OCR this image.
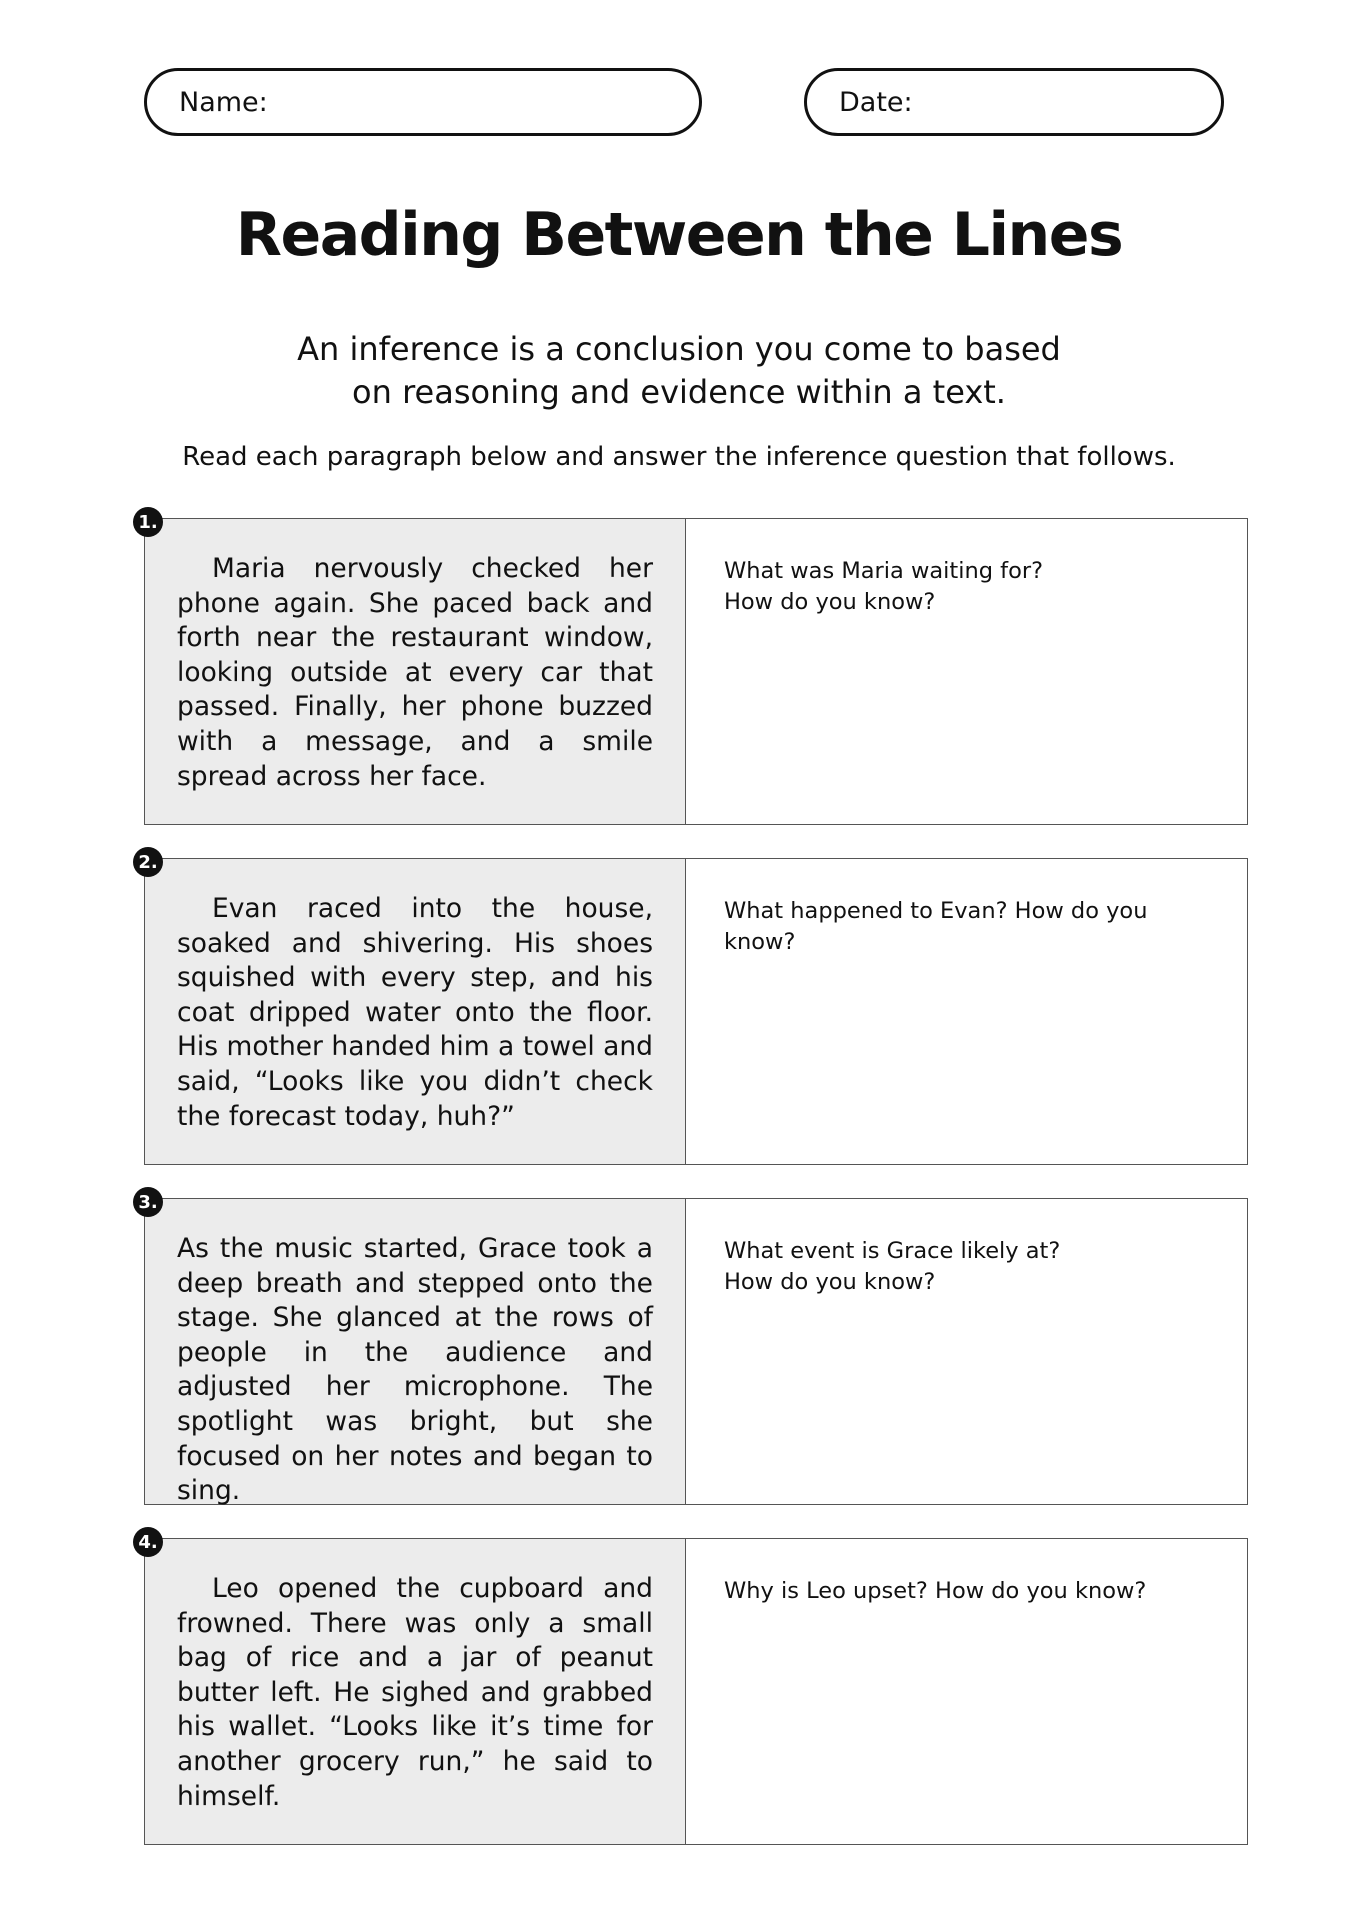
Name:	Date:
Reading Between the Lines

An inference is a conclusion you come to based
on reasoning and evidence within a text.

Read each paragraph below and answer the inference question that follows.

1.

Maria nervously checked her phone again. She paced back and forth near the restaurant window, looking outside at every car that passed. Finally, her phone buzzed with a message, and a smile spread across her face.

What was Maria waiting for?
How do you know?
2.

Evan raced into the house, soaked and shivering. His shoes squished with every step, and his coat dripped water onto the floor. His mother handed him a towel and said, “Looks like you didn’t check the forecast today, huh?”

What happened to Evan? How do you know?
3.

As the music started, Grace took a deep breath and stepped onto the stage. She glanced at the rows of people in the audience and adjusted her microphone. The spotlight was bright, but she focused on her notes and began to sing.

What event is Grace likely at?
How do you know?
4.

Leo opened the cupboard and frowned. There was only a small bag of rice and a jar of peanut butter left. He sighed and grabbed his wallet. “Looks like it’s time for another grocery run,” he said to himself.

Why is Leo upset? How do you know?
